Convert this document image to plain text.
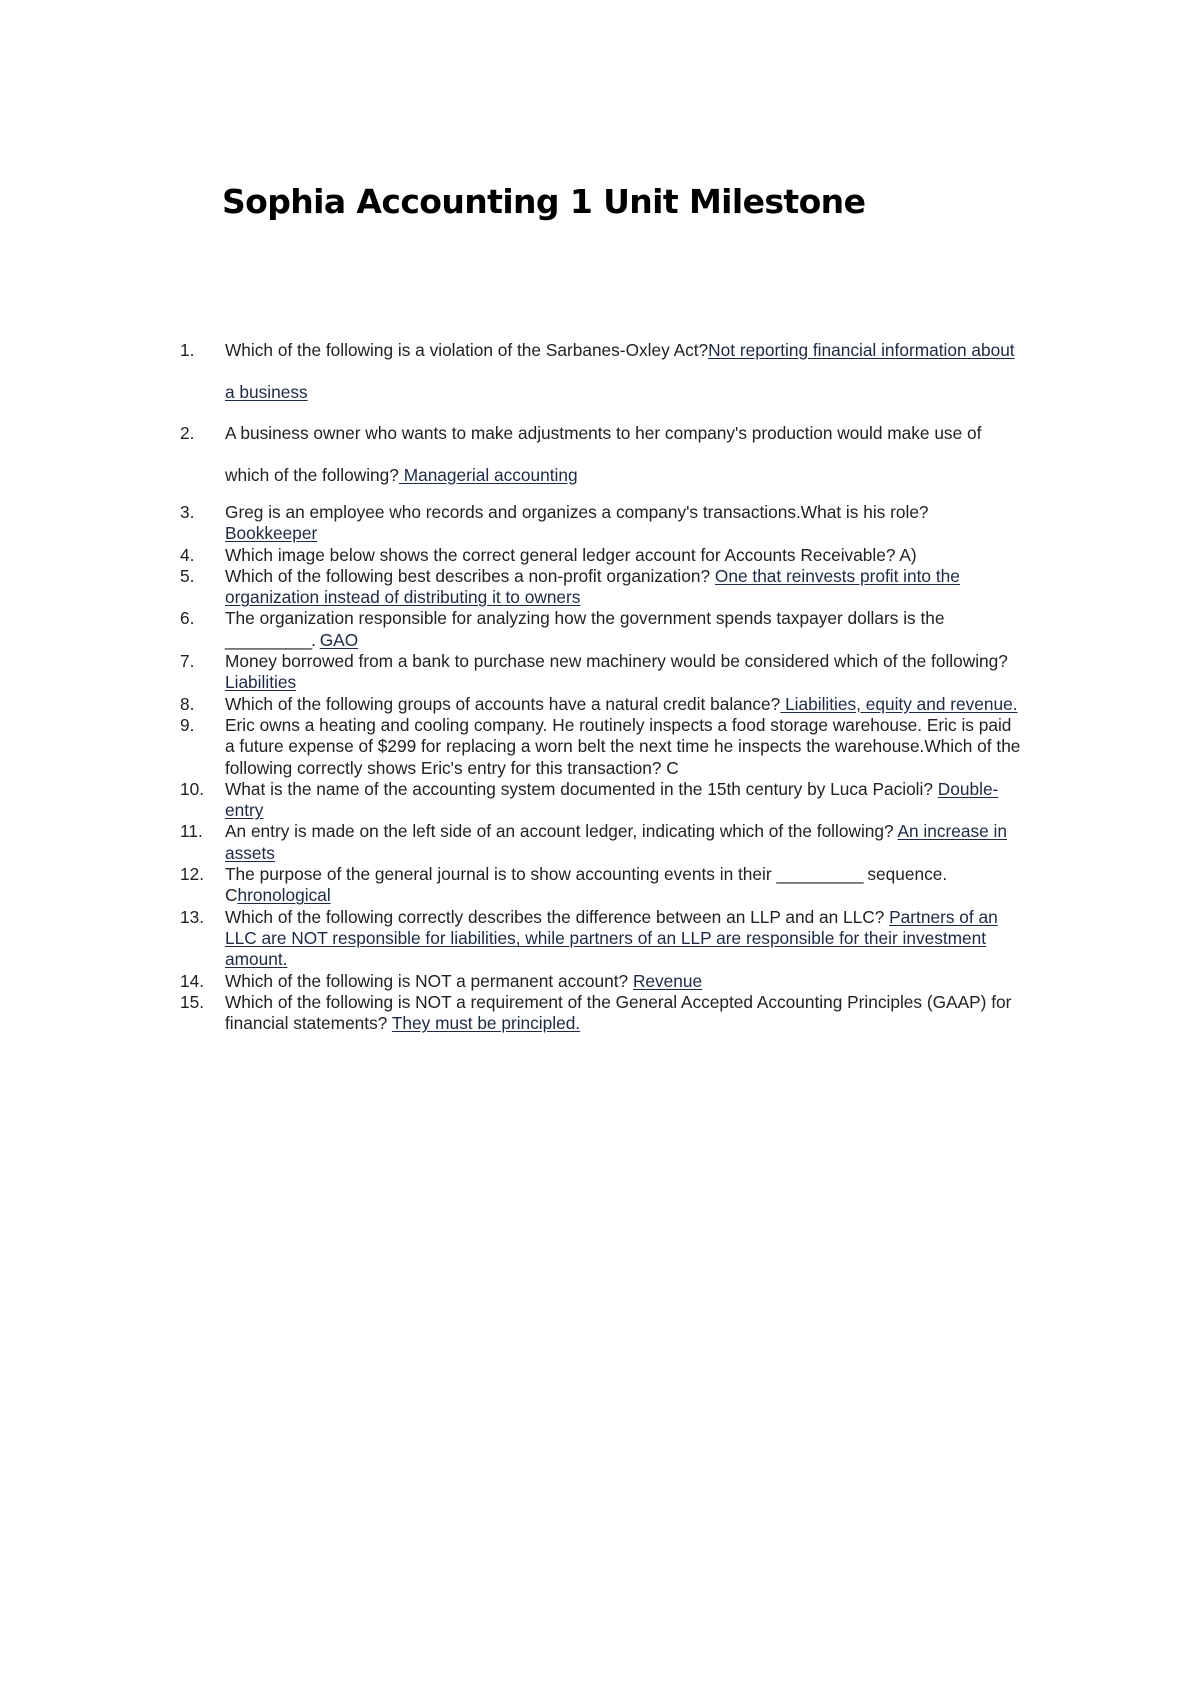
Sophia Accounting 1 Unit Milestone
1.	Which of the following is a violation of the Sarbanes-Oxley Act?Not reporting financial information about a business
2.	A business owner who wants to make adjustments to her company's production would make use of which of the following? Managerial accounting
3.	Greg is an employee who records and organizes a company's transactions.What is his role? Bookkeeper
4.	Which image below shows the correct general ledger account for Accounts Receivable? A)
5.	Which of the following best describes a non-profit organization? One that reinvests profit into the organization instead of distributing it to owners
6.	The organization responsible for analyzing how the government spends taxpayer dollars is the __________. GAO
7.	Money borrowed from a bank to purchase new machinery would be considered which of the following? Liabilities
8.	Which of the following groups of accounts have a natural credit balance? Liabilities, equity and revenue.
9.	Eric owns a heating and cooling company. He routinely inspects a food storage warehouse. Eric is paid a future expense of $299 for replacing a worn belt the next time he inspects the warehouse.Which of the following correctly shows Eric's entry for this transaction? C
10.	What is the name of the accounting system documented in the 15th century by Luca Pacioli? Double-entry
11.	An entry is made on the left side of an account ledger, indicating which of the following? An increase in assets
12.	The purpose of the general journal is to show accounting events in their __________ sequence. Chronological
13.	Which of the following correctly describes the difference between an LLP and an LLC? Partners of an LLC are NOT responsible for liabilities, while partners of an LLP are responsible for their investment amount.
14.	Which of the following is NOT a permanent account? Revenue
15.	Which of the following is NOT a requirement of the General Accepted Accounting Principles (GAAP) for financial statements? They must be principled.
